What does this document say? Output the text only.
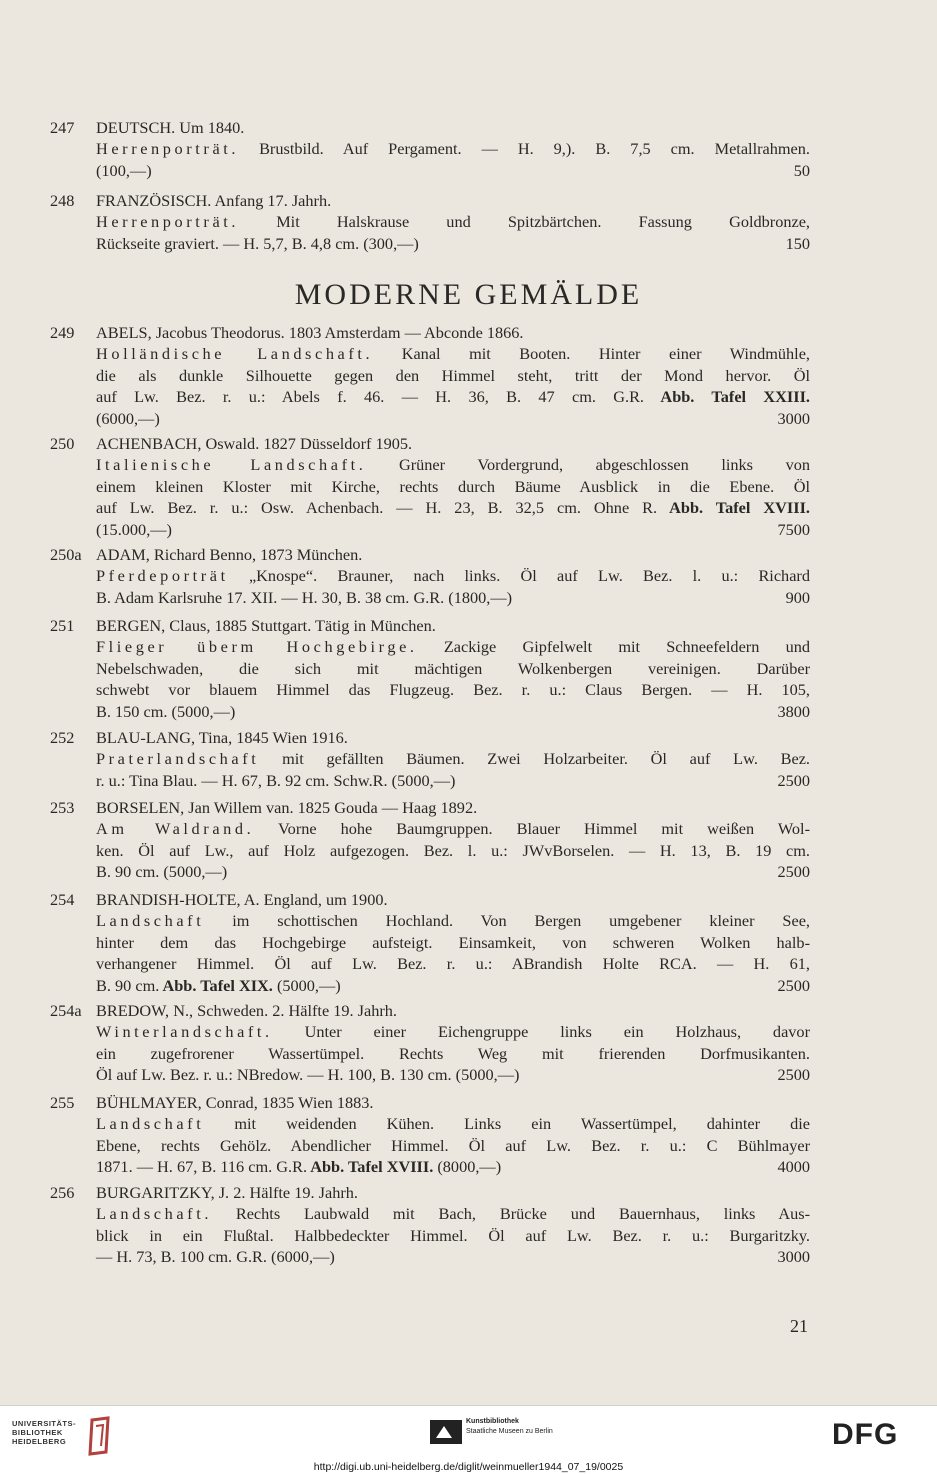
MODERNE GEMÄLDE
247 DEUTSCH. Um 1840.
Herrenporträt. Brustbild. Auf Pergament. — H. 9,). B. 7,5 cm. Metallrahmen.
50
(100,—)
248 FRANZÖSISCH. Anfang 17. Jahrh.
Herrenporträt. Mit Halskrause und Spitzbärtchen. Fassung Goldbronze,
150
Rückseite graviert. — H. 5,7, B. 4,8 cm. (300,—)
249 ABELS, Jacobus Theodorus. 1803 Amsterdam — Abconde 1866.
Holländische Landschaft. Kanal mit Booten. Hinter einer Windmühle,
die als dunkle Silhouette gegen den Himmel steht, tritt der Mond hervor. Öl
auf Lw. Bez. r. u.: Abels f. 46. — H. 36, B. 47 cm. G.R. Abb. Tafel XXIII.
3000
(6000,—)
250 ACHENBACH, Oswald. 1827 Düsseldorf 1905.
Italienische Landschaft. Grüner Vordergrund, abgeschlossen links von
einem kleinen Kloster mit Kirche, rechts durch Bäume Ausblick in die Ebene. Öl
auf Lw. Bez. r. u.: Osw. Achenbach. — H. 23, B. 32,5 cm. Ohne R. Abb. Tafel XVIII.
7500
(15.000,—)
250a ADAM, Richard Benno, 1873 München.
Pferdeporträt „Knospe“. Brauner, nach links. Öl auf Lw. Bez. l. u.: Richard
900
B. Adam Karlsruhe 17. XII. — H. 30, B. 38 cm. G.R. (1800,—)
251 BERGEN, Claus, 1885 Stuttgart. Tätig in München.
Flieger überm Hochgebirge. Zackige Gipfelwelt mit Schneefeldern und
Nebelschwaden, die sich mit mächtigen Wolkenbergen vereinigen. Darüber
schwebt vor blauem Himmel das Flugzeug. Bez. r. u.: Claus Bergen. — H. 105,
3800
B. 150 cm. (5000,—)
252 BLAU-LANG, Tina, 1845 Wien 1916.
Praterlandschaft mit gefällten Bäumen. Zwei Holzarbeiter. Öl auf Lw. Bez.
2500
r. u.: Tina Blau. — H. 67, B. 92 cm. Schw.R. (5000,—)
253 BORSELEN, Jan Willem van. 1825 Gouda — Haag 1892.
Am Waldrand. Vorne hohe Baumgruppen. Blauer Himmel mit weißen Wol-
ken. Öl auf Lw., auf Holz aufgezogen. Bez. l. u.: JWvBorselen. — H. 13, B. 19 cm.
2500
B. 90 cm. (5000,—)
254 BRANDISH-HOLTE, A. England, um 1900.
Landschaft im schottischen Hochland. Von Bergen umgebener kleiner See,
hinter dem das Hochgebirge aufsteigt. Einsamkeit, von schweren Wolken halb-
verhangener Himmel. Öl auf Lw. Bez. r. u.: ABrandish Holte RCA. — H. 61,
2500
B. 90 cm. Abb. Tafel XIX. (5000,—)
254a BREDOW, N., Schweden. 2. Hälfte 19. Jahrh.
Winterlandschaft. Unter einer Eichengruppe links ein Holzhaus, davor
ein zugefrorener Wassertümpel. Rechts Weg mit frierenden Dorfmusikanten.
2500
Öl auf Lw. Bez. r. u.: NBredow. — H. 100, B. 130 cm. (5000,—)
255 BÜHLMAYER, Conrad, 1835 Wien 1883.
Landschaft mit weidenden Kühen. Links ein Wassertümpel, dahinter die
Ebene, rechts Gehölz. Abendlicher Himmel. Öl auf Lw. Bez. r. u.: C Bühlmayer
4000
1871. — H. 67, B. 116 cm. G.R. Abb. Tafel XVIII. (8000,—)
256 BURGARITZKY, J. 2. Hälfte 19. Jahrh.
Landschaft. Rechts Laubwald mit Bach, Brücke und Bauernhaus, links Aus-
blick in ein Flußtal. Halbbedeckter Himmel. Öl auf Lw. Bez. r. u.: Burgaritzky.
3000
— H. 73, B. 100 cm. G.R. (6000,—)
21
UNIVERSITÄTS-
BIBLIOTHEK
HEIDELBERG
Kunstbibliothek
Staatliche Museen zu Berlin	DFG
http://digi.ub.uni-heidelberg.de/diglit/weinmueller1944_07_19/0025
